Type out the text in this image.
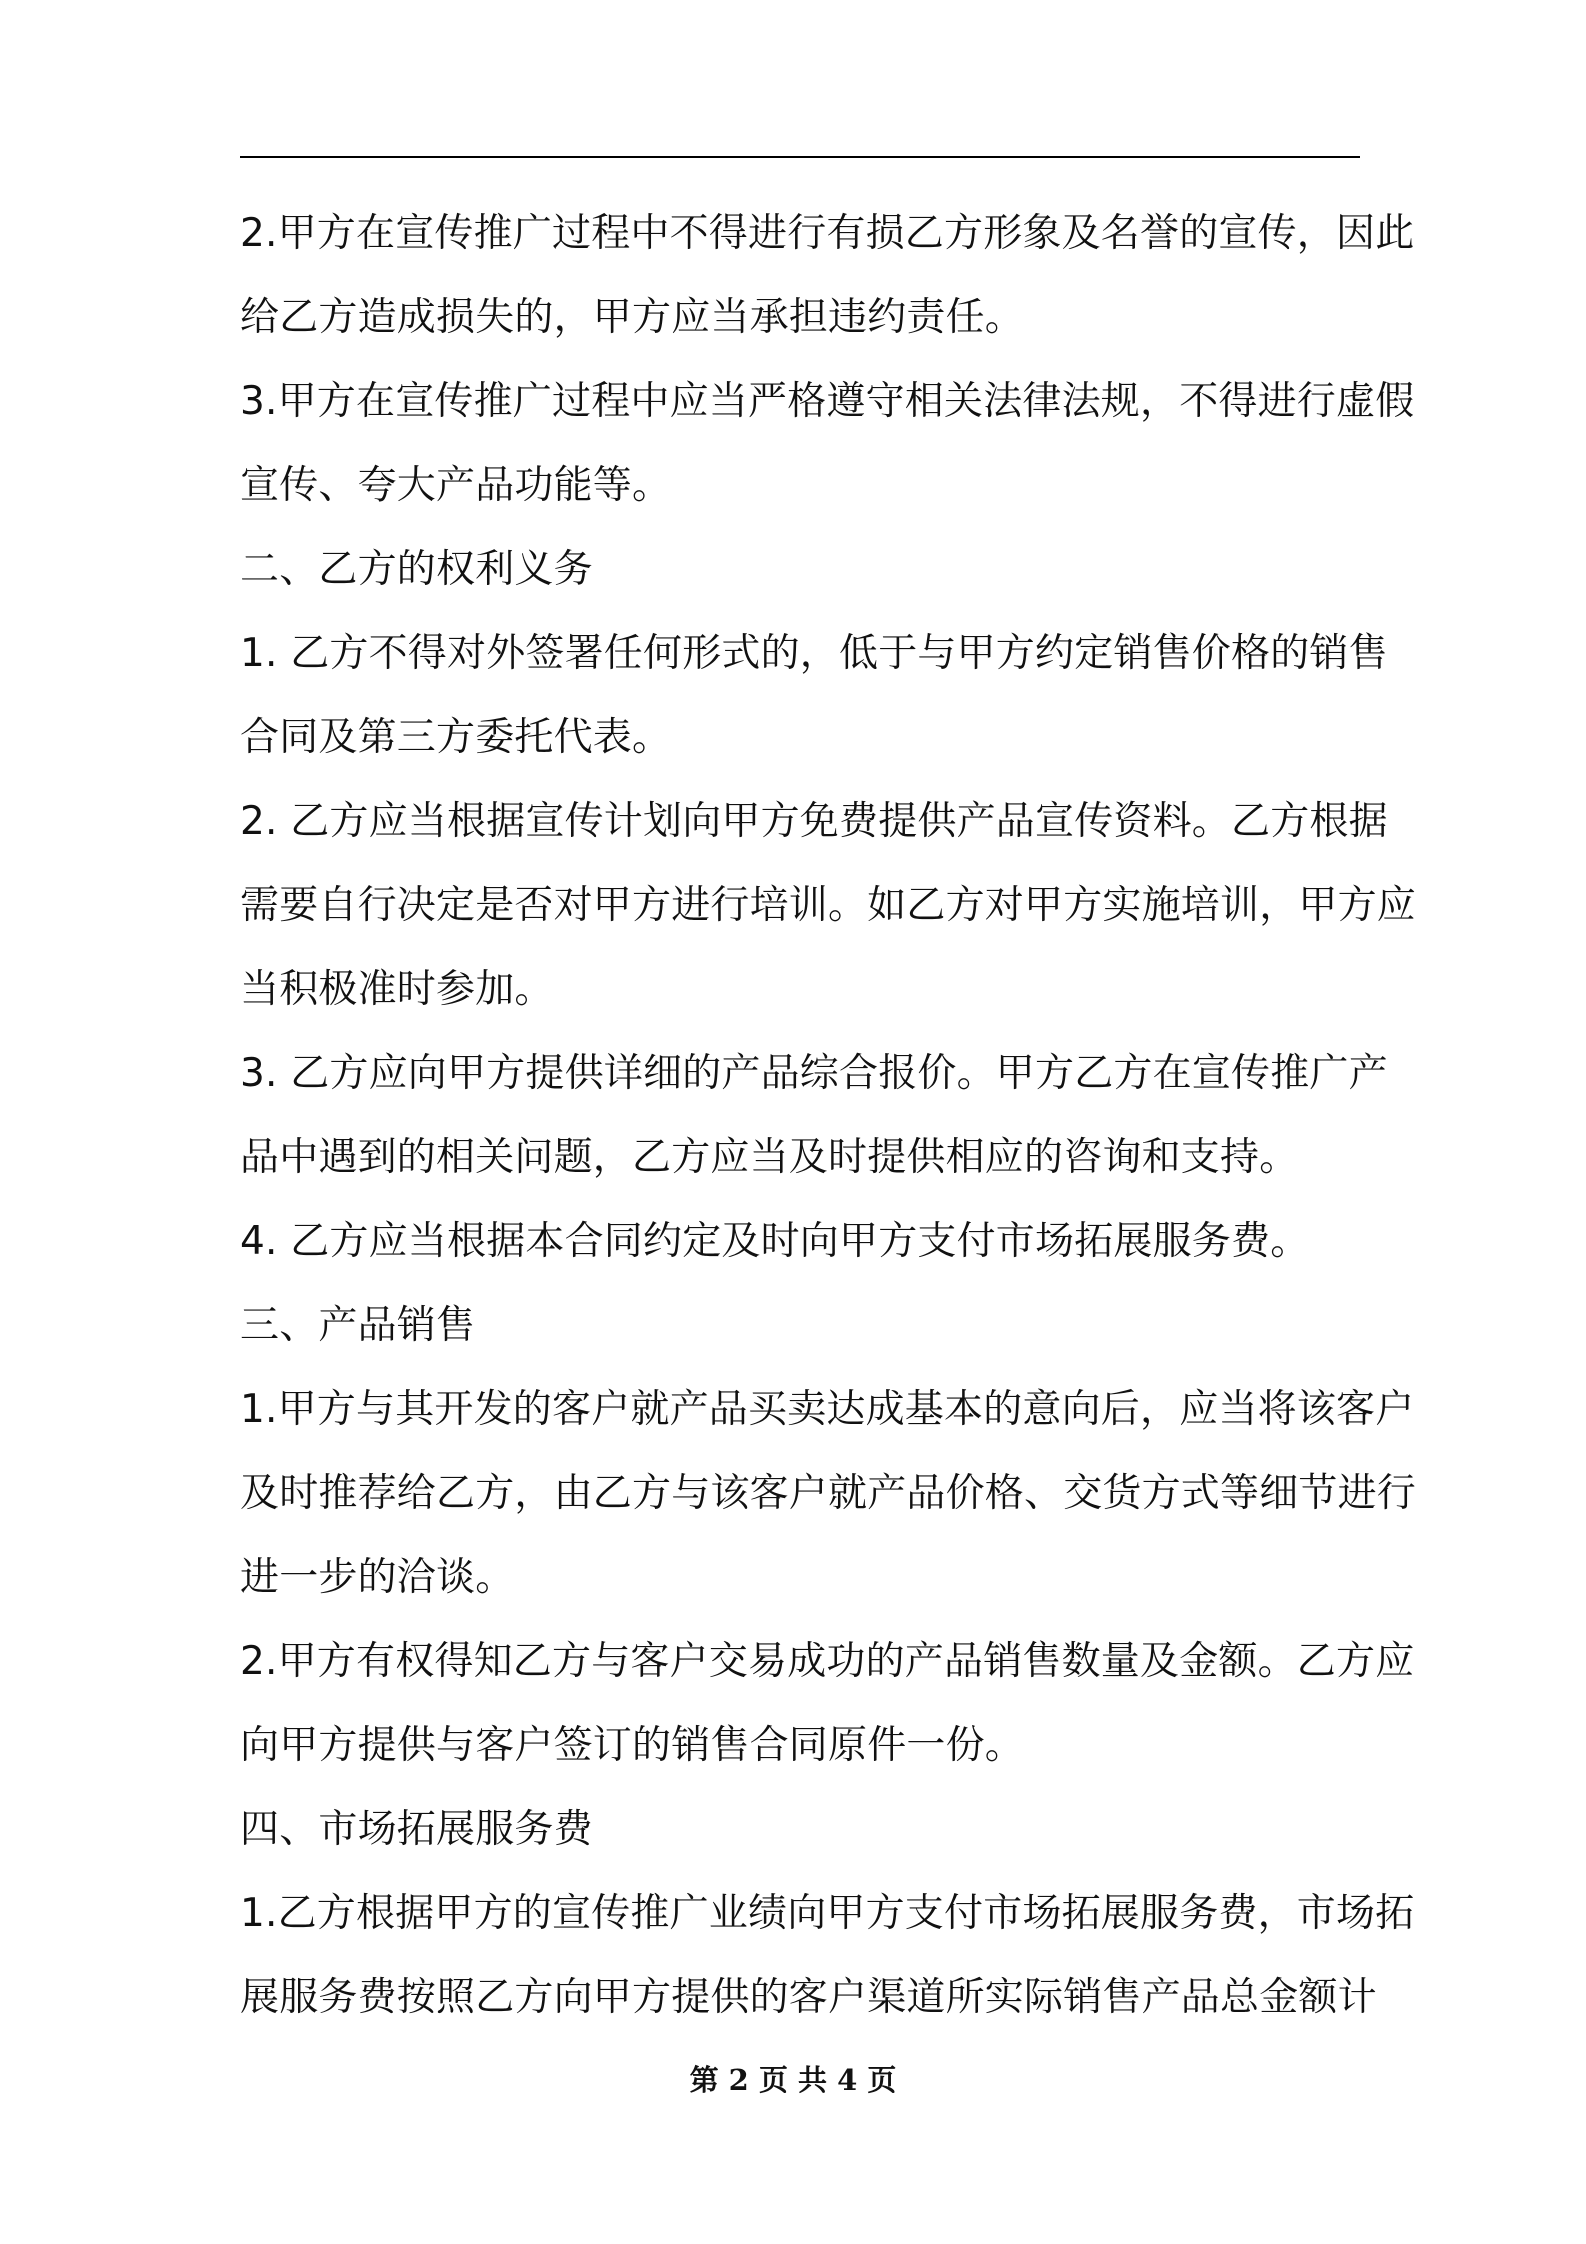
2.甲方在宣传推广过程中不得进行有损乙方形象及名誉的宣传，因此
给乙方造成损失的，甲方应当承担违约责任。
3.甲方在宣传推广过程中应当严格遵守相关法律法规，不得进行虚假
宣传、夸大产品功能等。
二、乙方的权利义务
1. 乙方不得对外签署任何形式的，低于与甲方约定销售价格的销售
合同及第三方委托代表。
2. 乙方应当根据宣传计划向甲方免费提供产品宣传资料。乙方根据
需要自行决定是否对甲方进行培训。如乙方对甲方实施培训，甲方应
当积极准时参加。
3. 乙方应向甲方提供详细的产品综合报价。甲方乙方在宣传推广产
品中遇到的相关问题，乙方应当及时提供相应的咨询和支持。
4. 乙方应当根据本合同约定及时向甲方支付市场拓展服务费。
三、产品销售
1.甲方与其开发的客户就产品买卖达成基本的意向后，应当将该客户
及时推荐给乙方，由乙方与该客户就产品价格、交货方式等细节进行
进一步的洽谈。
2.甲方有权得知乙方与客户交易成功的产品销售数量及金额。乙方应
向甲方提供与客户签订的销售合同原件一份。
四、市场拓展服务费
1.乙方根据甲方的宣传推广业绩向甲方支付市场拓展服务费，市场拓
展服务费按照乙方向甲方提供的客户渠道所实际销售产品总金额计
第 2 页 共 4 页
